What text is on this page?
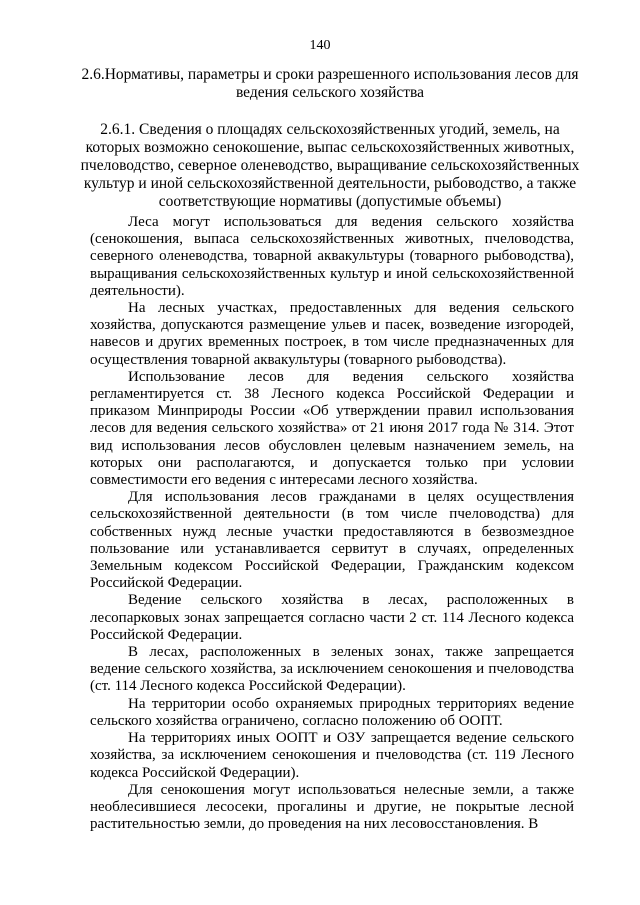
140
2.6.Нормативы, параметры и сроки разрешенного использования лесов для ведения сельского хозяйства
2.6.1. Сведения о площадях сельскохозяйственных угодий, земель, на которых возможно сенокошение, выпас сельскохозяйственных животных, пчеловодство, северное оленеводство, выращивание сельскохозяйственных культур и иной сельскохозяйственной деятельности, рыбоводство, а также соответствующие нормативы (допустимые объемы)

Леса могут использоваться для ведения сельского хозяйства (сенокошения, выпаса сельскохозяйственных животных, пчеловодства, северного оленеводства, товарной аквакультуры (товарного рыбоводства), выращивания сельскохозяйственных культур и иной сельскохозяйственной деятельности).

На лесных участках, предоставленных для ведения сельского хозяйства, допускаются размещение ульев и пасек, возведение изгородей, навесов и других временных построек, в том числе предназначенных для осуществления товарной аквакультуры (товарного рыбоводства).

Использование лесов для ведения сельского хозяйства регламентируется ст. 38 Лесного кодекса Российской Федерации и приказом Минприроды России «Об утверждении правил использования лесов для ведения сельского хозяйства» от 21 июня 2017 года № 314. Этот вид использования лесов обусловлен целевым назначением земель, на которых они располагаются, и допускается только при условии совместимости его ведения с интересами лесного хозяйства.

Для использования лесов гражданами в целях осуществления сельскохозяйственной деятельности (в том числе пчеловодства) для собственных нужд лесные участки предоставляются в безвозмездное пользование или устанавливается сервитут в случаях, определенных Земельным кодексом Российской Федерации, Гражданским кодексом Российской Федерации.

Ведение сельского хозяйства в лесах, расположенных в лесопарковых зонах запрещается согласно части 2 ст. 114 Лесного кодекса Российской Федерации.

В лесах, расположенных в зеленых зонах, также запрещается ведение сельского хозяйства, за исключением сенокошения и пчеловодства (ст. 114 Лесного кодекса Российской Федерации).

На территории особо охраняемых природных территориях ведение сельского хозяйства ограничено, согласно положению об ООПТ.

На территориях иных ООПТ и ОЗУ запрещается ведение сельского хозяйства, за исключением сенокошения и пчеловодства (ст. 119 Лесного кодекса Российской Федерации).

Для сенокошения могут использоваться нелесные земли, а также необлесившиеся лесосеки, прогалины и другие, не покрытые лесной растительностью земли, до проведения на них лесовосстановления. В
